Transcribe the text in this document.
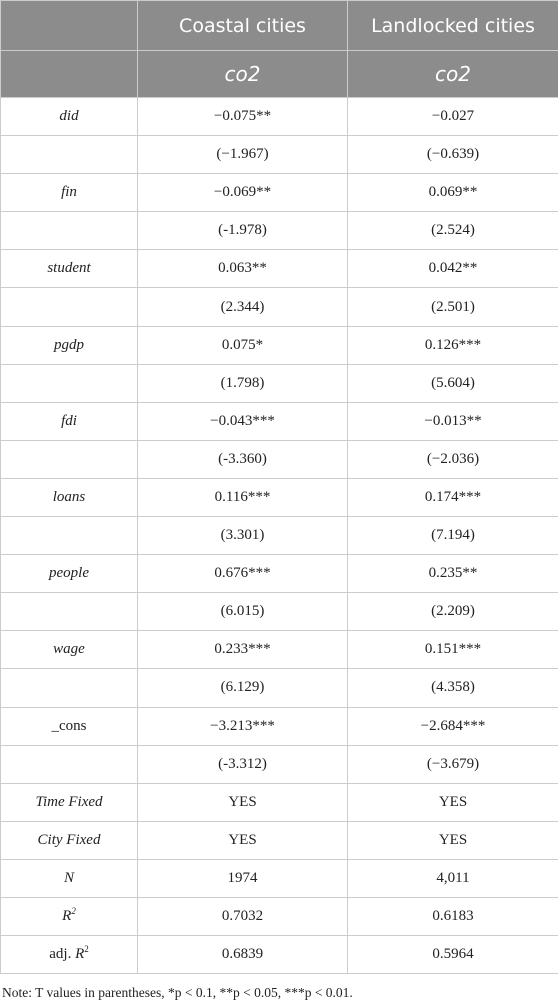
	Coastal cities	Landlocked cities
	co2	co2
did	−0.075**	−0.027
	(−1.967)	(−0.639)
fin	−0.069**	0.069**
	(-1.978)	(2.524)
student	0.063**	0.042**
	(2.344)	(2.501)
pgdp	0.075*	0.126***
	(1.798)	(5.604)
fdi	−0.043***	−0.013**
	(-3.360)	(−2.036)
loans	0.116***	0.174***
	(3.301)	(7.194)
people	0.676***	0.235**
	(6.015)	(2.209)
wage	0.233***	0.151***
	(6.129)	(4.358)
_cons	−3.213***	−2.684***
	(-3.312)	(−3.679)
Time Fixed	YES	YES
City Fixed	YES	YES
N	1974	4,011
$R^2$	0.7032	0.6183
adj. $R^2$	0.6839	0.5964
Note: T values in parentheses, *p < 0.1, **p < 0.05, ***p < 0.01.
